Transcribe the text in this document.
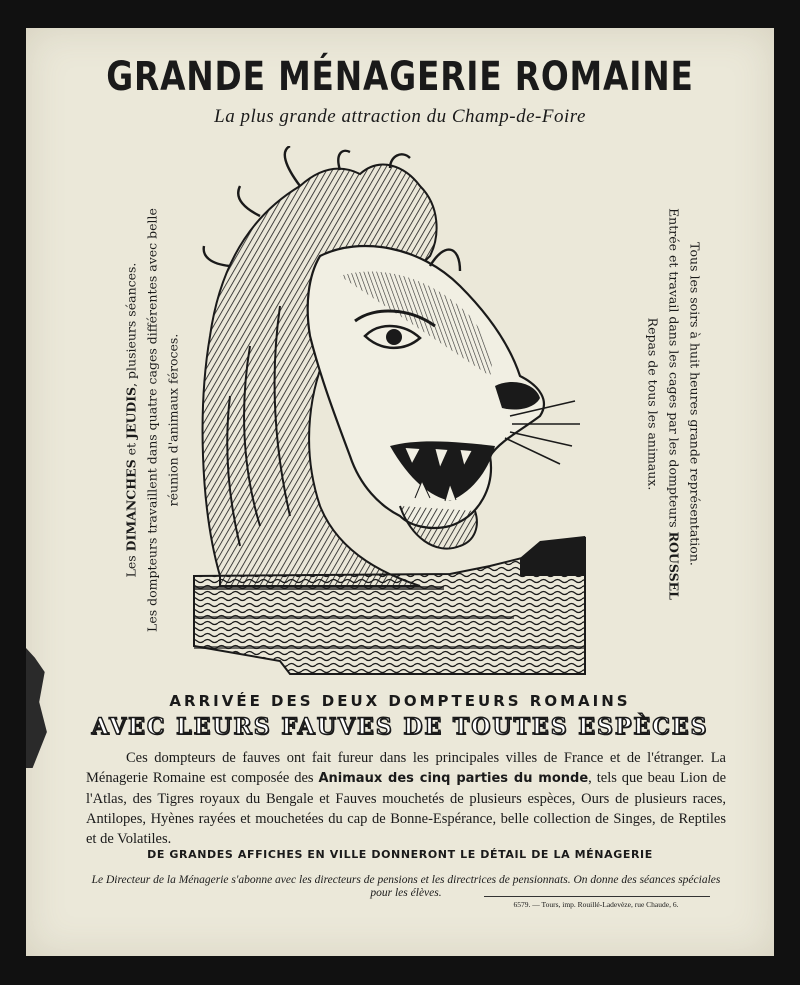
GRANDE MÉNAGERIE ROMAINE
La plus grande attraction du Champ-de-Foire
Les DIMANCHES et JEUDIS, plusieurs séances. Les dompteurs travaillent dans quatre cages différentes avec belle réunion d'animaux féroces.	Tous les soirs à huit heures grande représentation.
Entrée et travail dans les cages par les dompteurs ROUSSEL
Repas de tous les animaux.
ARRIVÉE DES DEUX DOMPTEURS ROMAINS
AVEC LEURS FAUVES DE TOUTES ESPÈCES
Ces dompteurs de fauves ont fait fureur dans les principales villes de France et de l'étranger. La Ménagerie Romaine est composée des Animaux des cinq parties du monde, tels que beau Lion de l'Atlas, des Tigres royaux du Bengale et Fauves mouchetés de plusieurs espèces, Ours de plusieurs races, Antilopes, Hyènes rayées et mouchetées du cap de Bonne-Espérance, belle collection de Singes, de Reptiles et de Volatiles.
DE GRANDES AFFICHES EN VILLE DONNERONT LE DÉTAIL DE LA MÉNAGERIE
Le Directeur de la Ménagerie s'abonne avec les directeurs de pensions et les directrices de pensionnats. On donne des séances spéciales pour les élèves.
6579. — Tours, imp. Rouillé-Ladevèze, rue Chaude, 6.
